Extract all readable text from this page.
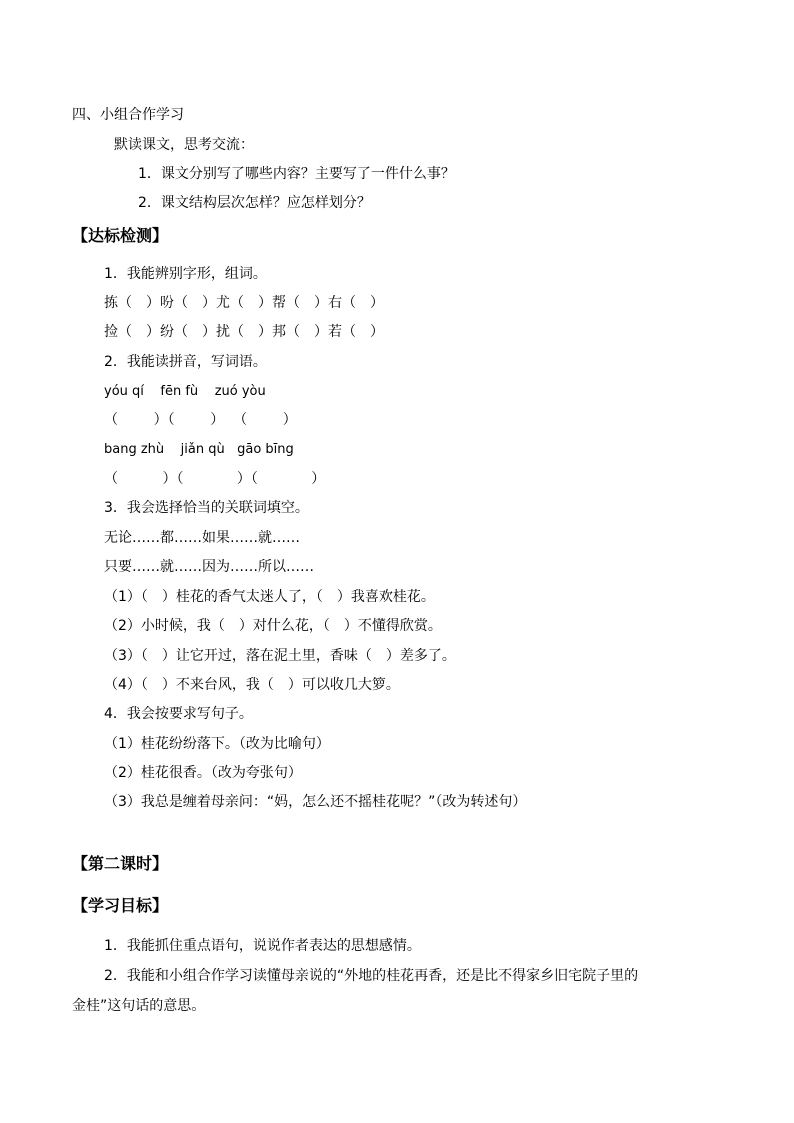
四、小组合作学习

默读课文，思考交流：

1．课文分别写了哪些内容？主要写了一件什么事？

2．课文结构层次怎样？应怎样划分？

【达标检测】

1．我能辨别字形，组词。

拣（　）吩（　）尤（　）帮（　）右（　）

捡（　）纷（　）扰（　）邦（　）若（　）

2．我能读拼音，写词语。

yóu qí    fēn fù    zuó yòu

（        ）（        ）  （        ）

bang zhù    jiǎn qù   gāo bīng

（          ）（            ）（            ）

3．我会选择恰当的关联词填空。

无论……都……如果……就……

只要……就……因为……所以……

（1）（　）桂花的香气太迷人了，（　）我喜欢桂花。

（2）小时候，我（　）对什么花，（　）不懂得欣赏。

（3）（　）让它开过，落在泥土里，香味（　）差多了。

（4）（　）不来台风，我（　）可以收几大箩。

4．我会按要求写句子。

（1）桂花纷纷落下。（改为比喻句）

（2）桂花很香。（改为夸张句）

（3）我总是缠着母亲问：“妈，怎么还不摇桂花呢？”（改为转述句）

【第二课时】

【学习目标】

1．我能抓住重点语句，说说作者表达的思想感情。

2．我能和小组合作学习读懂母亲说的“外地的桂花再香，还是比不得家乡旧宅院子里的

金桂”这句话的意思。
